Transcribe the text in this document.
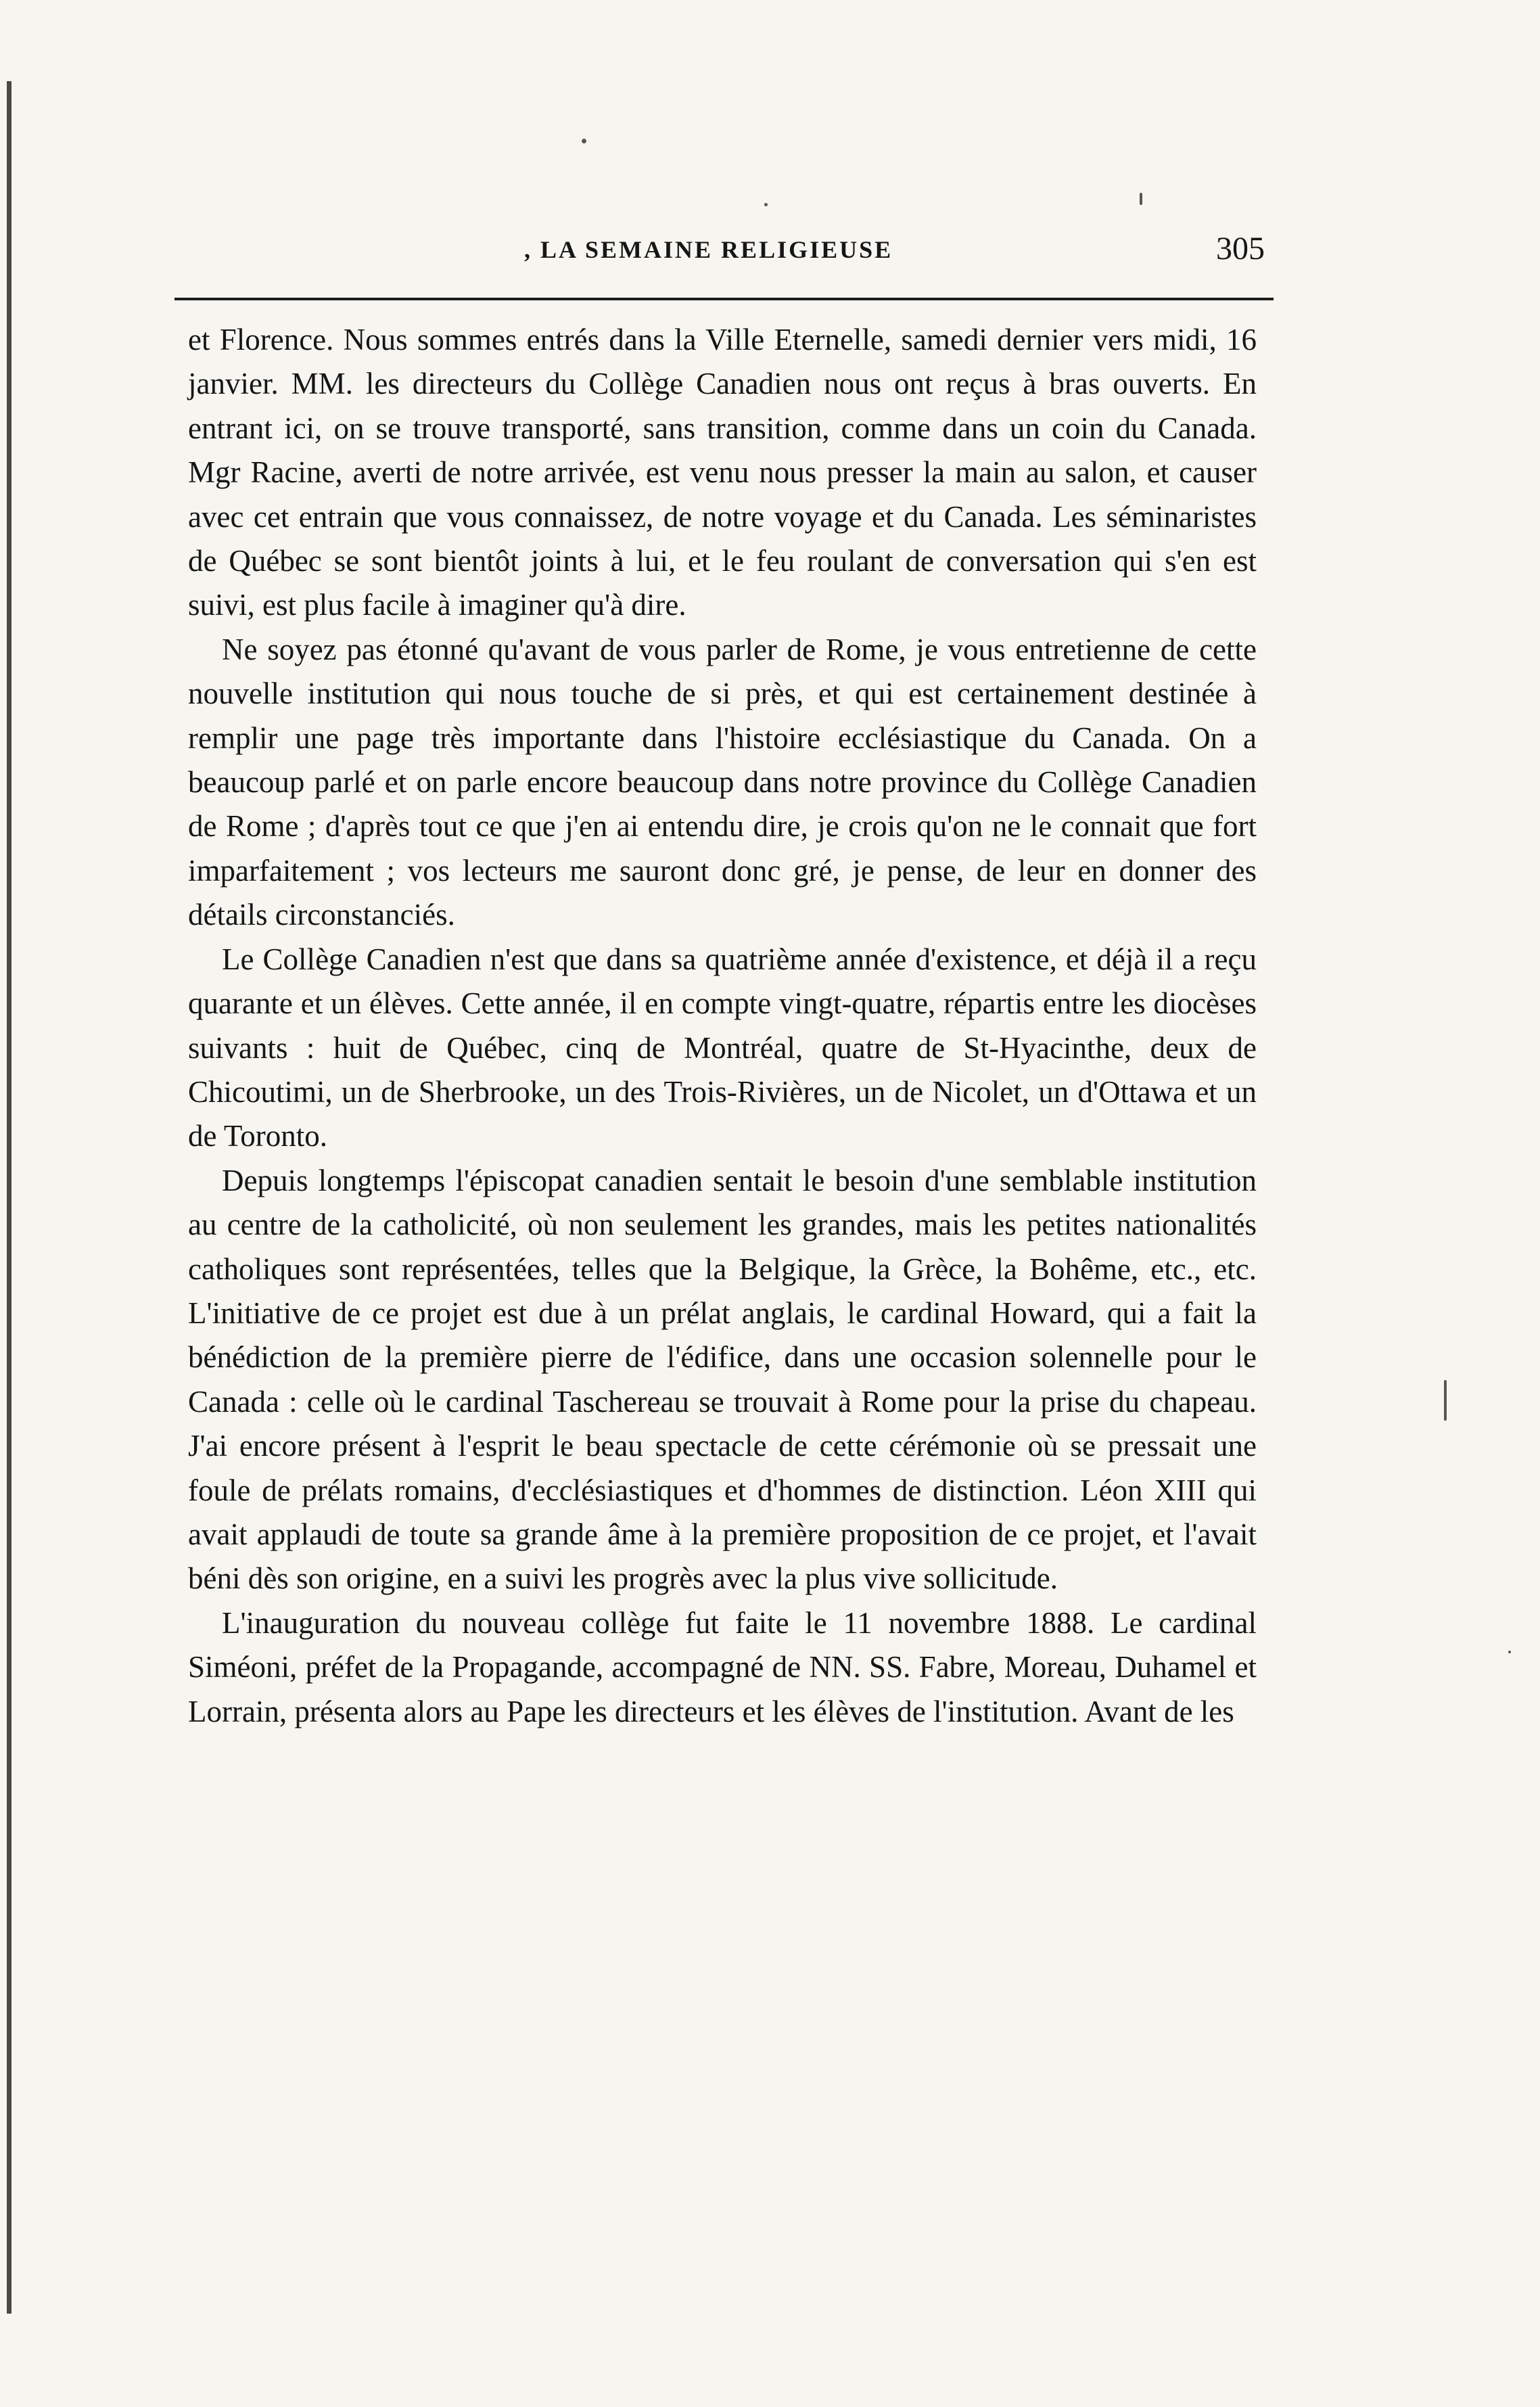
, LA SEMAINE RELIGIEUSE	305

et Florence. Nous sommes entrés dans la Ville Eternelle, samedi dernier vers midi, 16 janvier. MM. les directeurs du Collège Canadien nous ont reçus à bras ouverts. En entrant ici, on se trouve transporté, sans transition, comme dans un coin du Canada. Mgr Racine, averti de notre arrivée, est venu nous presser la main au salon, et causer avec cet entrain que vous connaissez, de notre voyage et du Canada. Les séminaristes de Québec se sont bientôt joints à lui, et le feu roulant de conversation qui s'en est suivi, est plus facile à imaginer qu'à dire.

Ne soyez pas étonné qu'avant de vous parler de Rome, je vous entretienne de cette nouvelle institution qui nous touche de si près, et qui est certainement destinée à remplir une page très importante dans l'histoire ecclésiastique du Canada. On a beaucoup parlé et on parle encore beaucoup dans notre province du Collège Canadien de Rome ; d'après tout ce que j'en ai entendu dire, je crois qu'on ne le connait que fort imparfaitement ; vos lecteurs me sauront donc gré, je pense, de leur en donner des détails circonstanciés.

Le Collège Canadien n'est que dans sa quatrième année d'existence, et déjà il a reçu quarante et un élèves. Cette année, il en compte vingt-quatre, répartis entre les diocèses suivants : huit de Québec, cinq de Montréal, quatre de St-Hyacinthe, deux de Chicoutimi, un de Sherbrooke, un des Trois-Rivières, un de Nicolet, un d'Ottawa et un de Toronto.

Depuis longtemps l'épiscopat canadien sentait le besoin d'une semblable institution au centre de la catholicité, où non seulement les grandes, mais les petites nationalités catholiques sont représentées, telles que la Belgique, la Grèce, la Bohême, etc., etc. L'initiative de ce projet est due à un prélat anglais, le cardinal Howard, qui a fait la bénédiction de la première pierre de l'édifice, dans une occasion solennelle pour le Canada : celle où le cardinal Taschereau se trouvait à Rome pour la prise du chapeau. J'ai encore présent à l'esprit le beau spectacle de cette cérémonie où se pressait une foule de prélats romains, d'ecclésiastiques et d'hommes de distinction. Léon XIII qui avait applaudi de toute sa grande âme à la première proposition de ce projet, et l'avait béni dès son origine, en a suivi les progrès avec la plus vive sollicitude.

L'inauguration du nouveau collège fut faite le 11 novembre 1888. Le cardinal Siméoni, préfet de la Propagande, accompagné de NN. SS. Fabre, Moreau, Duhamel et Lorrain, présenta alors au Pape les directeurs et les élèves de l'institution. Avant de les
